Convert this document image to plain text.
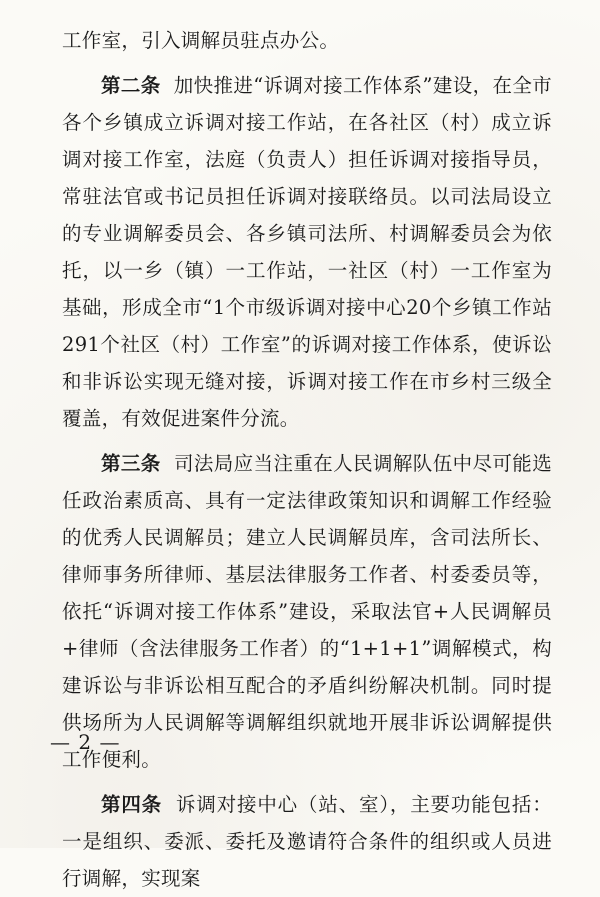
工作室，引入调解员驻点办公。

第二条 加快推进“诉调对接工作体系”建设，在全市各个乡镇成立诉调对接工作站，在各社区（村）成立诉调对接工作室，法庭（负责人）担任诉调对接指导员，常驻法官或书记员担任诉调对接联络员。以司法局设立的专业调解委员会、各乡镇司法所、村调解委员会为依托，以一乡（镇）一工作站，一社区（村）一工作室为基础，形成全市“1个市级诉调对接中心20个乡镇工作站291个社区（村）工作室”的诉调对接工作体系，使诉讼和非诉讼实现无缝对接，诉调对接工作在市乡村三级全覆盖，有效促进案件分流。

第三条 司法局应当注重在人民调解队伍中尽可能选任政治素质高、具有一定法律政策知识和调解工作经验的优秀人民调解员；建立人民调解员库，含司法所长、律师事务所律师、基层法律服务工作者、村委委员等，依托“诉调对接工作体系”建设，采取法官+人民调解员+律师（含法律服务工作者）的“1+1+1”调解模式，构建诉讼与非诉讼相互配合的矛盾纠纷解决机制。同时提供场所为人民调解等调解组织就地开展非诉讼调解提供工作便利。

第四条 诉调对接中心（站、室），主要功能包括：一是组织、委派、委托及邀请符合条件的组织或人员进行调解，实现案

— 2 —
